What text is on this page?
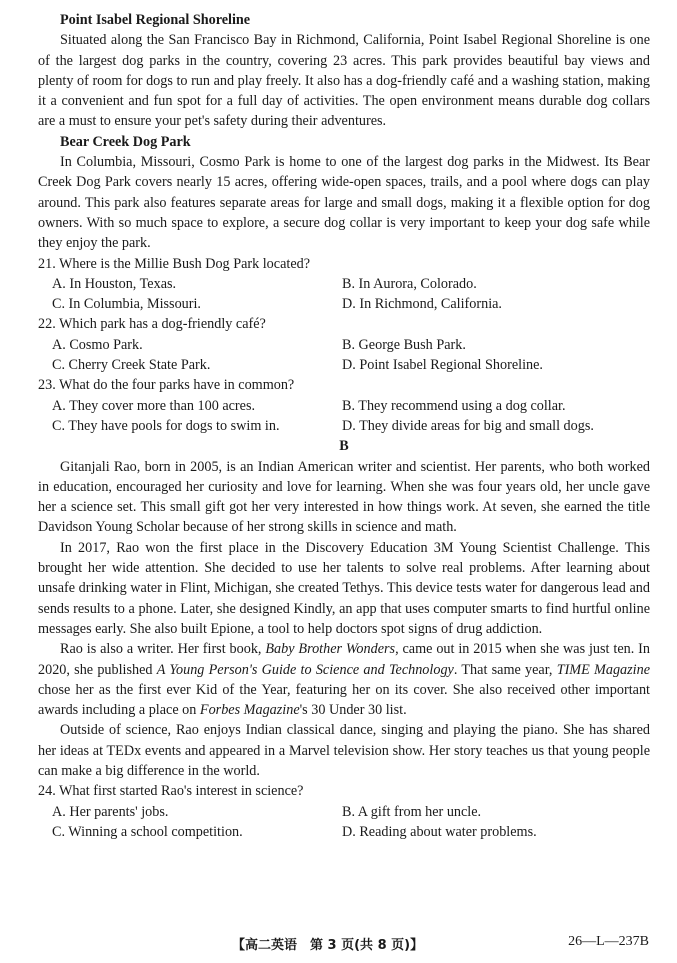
Point Isabel Regional Shoreline

Situated along the San Francisco Bay in Richmond, California, Point Isabel Regional Shoreline is one of the largest dog parks in the country, covering 23 acres. This park provides beautiful bay views and plenty of room for dogs to run and play freely. It also has a dog-friendly café and a washing station, making it a convenient and fun spot for a full day of activities. The open environment means durable dog collars are a must to ensure your pet's safety during their adventures.

Bear Creek Dog Park

In Columbia, Missouri, Cosmo Park is home to one of the largest dog parks in the Midwest. Its Bear Creek Dog Park covers nearly 15 acres, offering wide-open spaces, trails, and a pool where dogs can play around. This park also features separate areas for large and small dogs, making it a flexible option for dog owners. With so much space to explore, a secure dog collar is very important to keep your dog safe while they enjoy the park.

21. Where is the Millie Bush Dog Park located?
A. In Houston, Texas.	B. In Aurora, Colorado.
C. In Columbia, Missouri.	D. In Richmond, California.
22. Which park has a dog-friendly café?
A. Cosmo Park.	B. George Bush Park.
C. Cherry Creek State Park.	D. Point Isabel Regional Shoreline.
23. What do the four parks have in common?
A. They cover more than 100 acres.	B. They recommend using a dog collar.
C. They have pools for dogs to swim in.	D. They divide areas for big and small dogs.
B

Gitanjali Rao, born in 2005, is an Indian American writer and scientist. Her parents, who both worked in education, encouraged her curiosity and love for learning. When she was four years old, her uncle gave her a science set. This small gift got her very interested in how things work. At seven, she earned the title Davidson Young Scholar because of her strong skills in science and math.

In 2017, Rao won the first place in the Discovery Education 3M Young Scientist Challenge. This brought her wide attention. She decided to use her talents to solve real problems. After learning about unsafe drinking water in Flint, Michigan, she created Tethys. This device tests water for dangerous lead and sends results to a phone. Later, she designed Kindly, an app that uses computer smarts to find hurtful online messages early. She also built Epione, a tool to help doctors spot signs of drug addiction.

Rao is also a writer. Her first book, Baby Brother Wonders, came out in 2015 when she was just ten. In 2020, she published A Young Person's Guide to Science and Technology. That same year, TIME Magazine chose her as the first ever Kid of the Year, featuring her on its cover. She also received other important awards including a place on Forbes Magazine's 30 Under 30 list.

Outside of science, Rao enjoys Indian classical dance, singing and playing the piano. She has shared her ideas at TEDx events and appeared in a Marvel television show. Her story teaches us that young people can make a big difference in the world.

24. What first started Rao's interest in science?
A. Her parents' jobs.	B. A gift from her uncle.
C. Winning a school competition.	D. Reading about water problems.
【高二英语　第 3 页(共 8 页)】	26—L—237B
